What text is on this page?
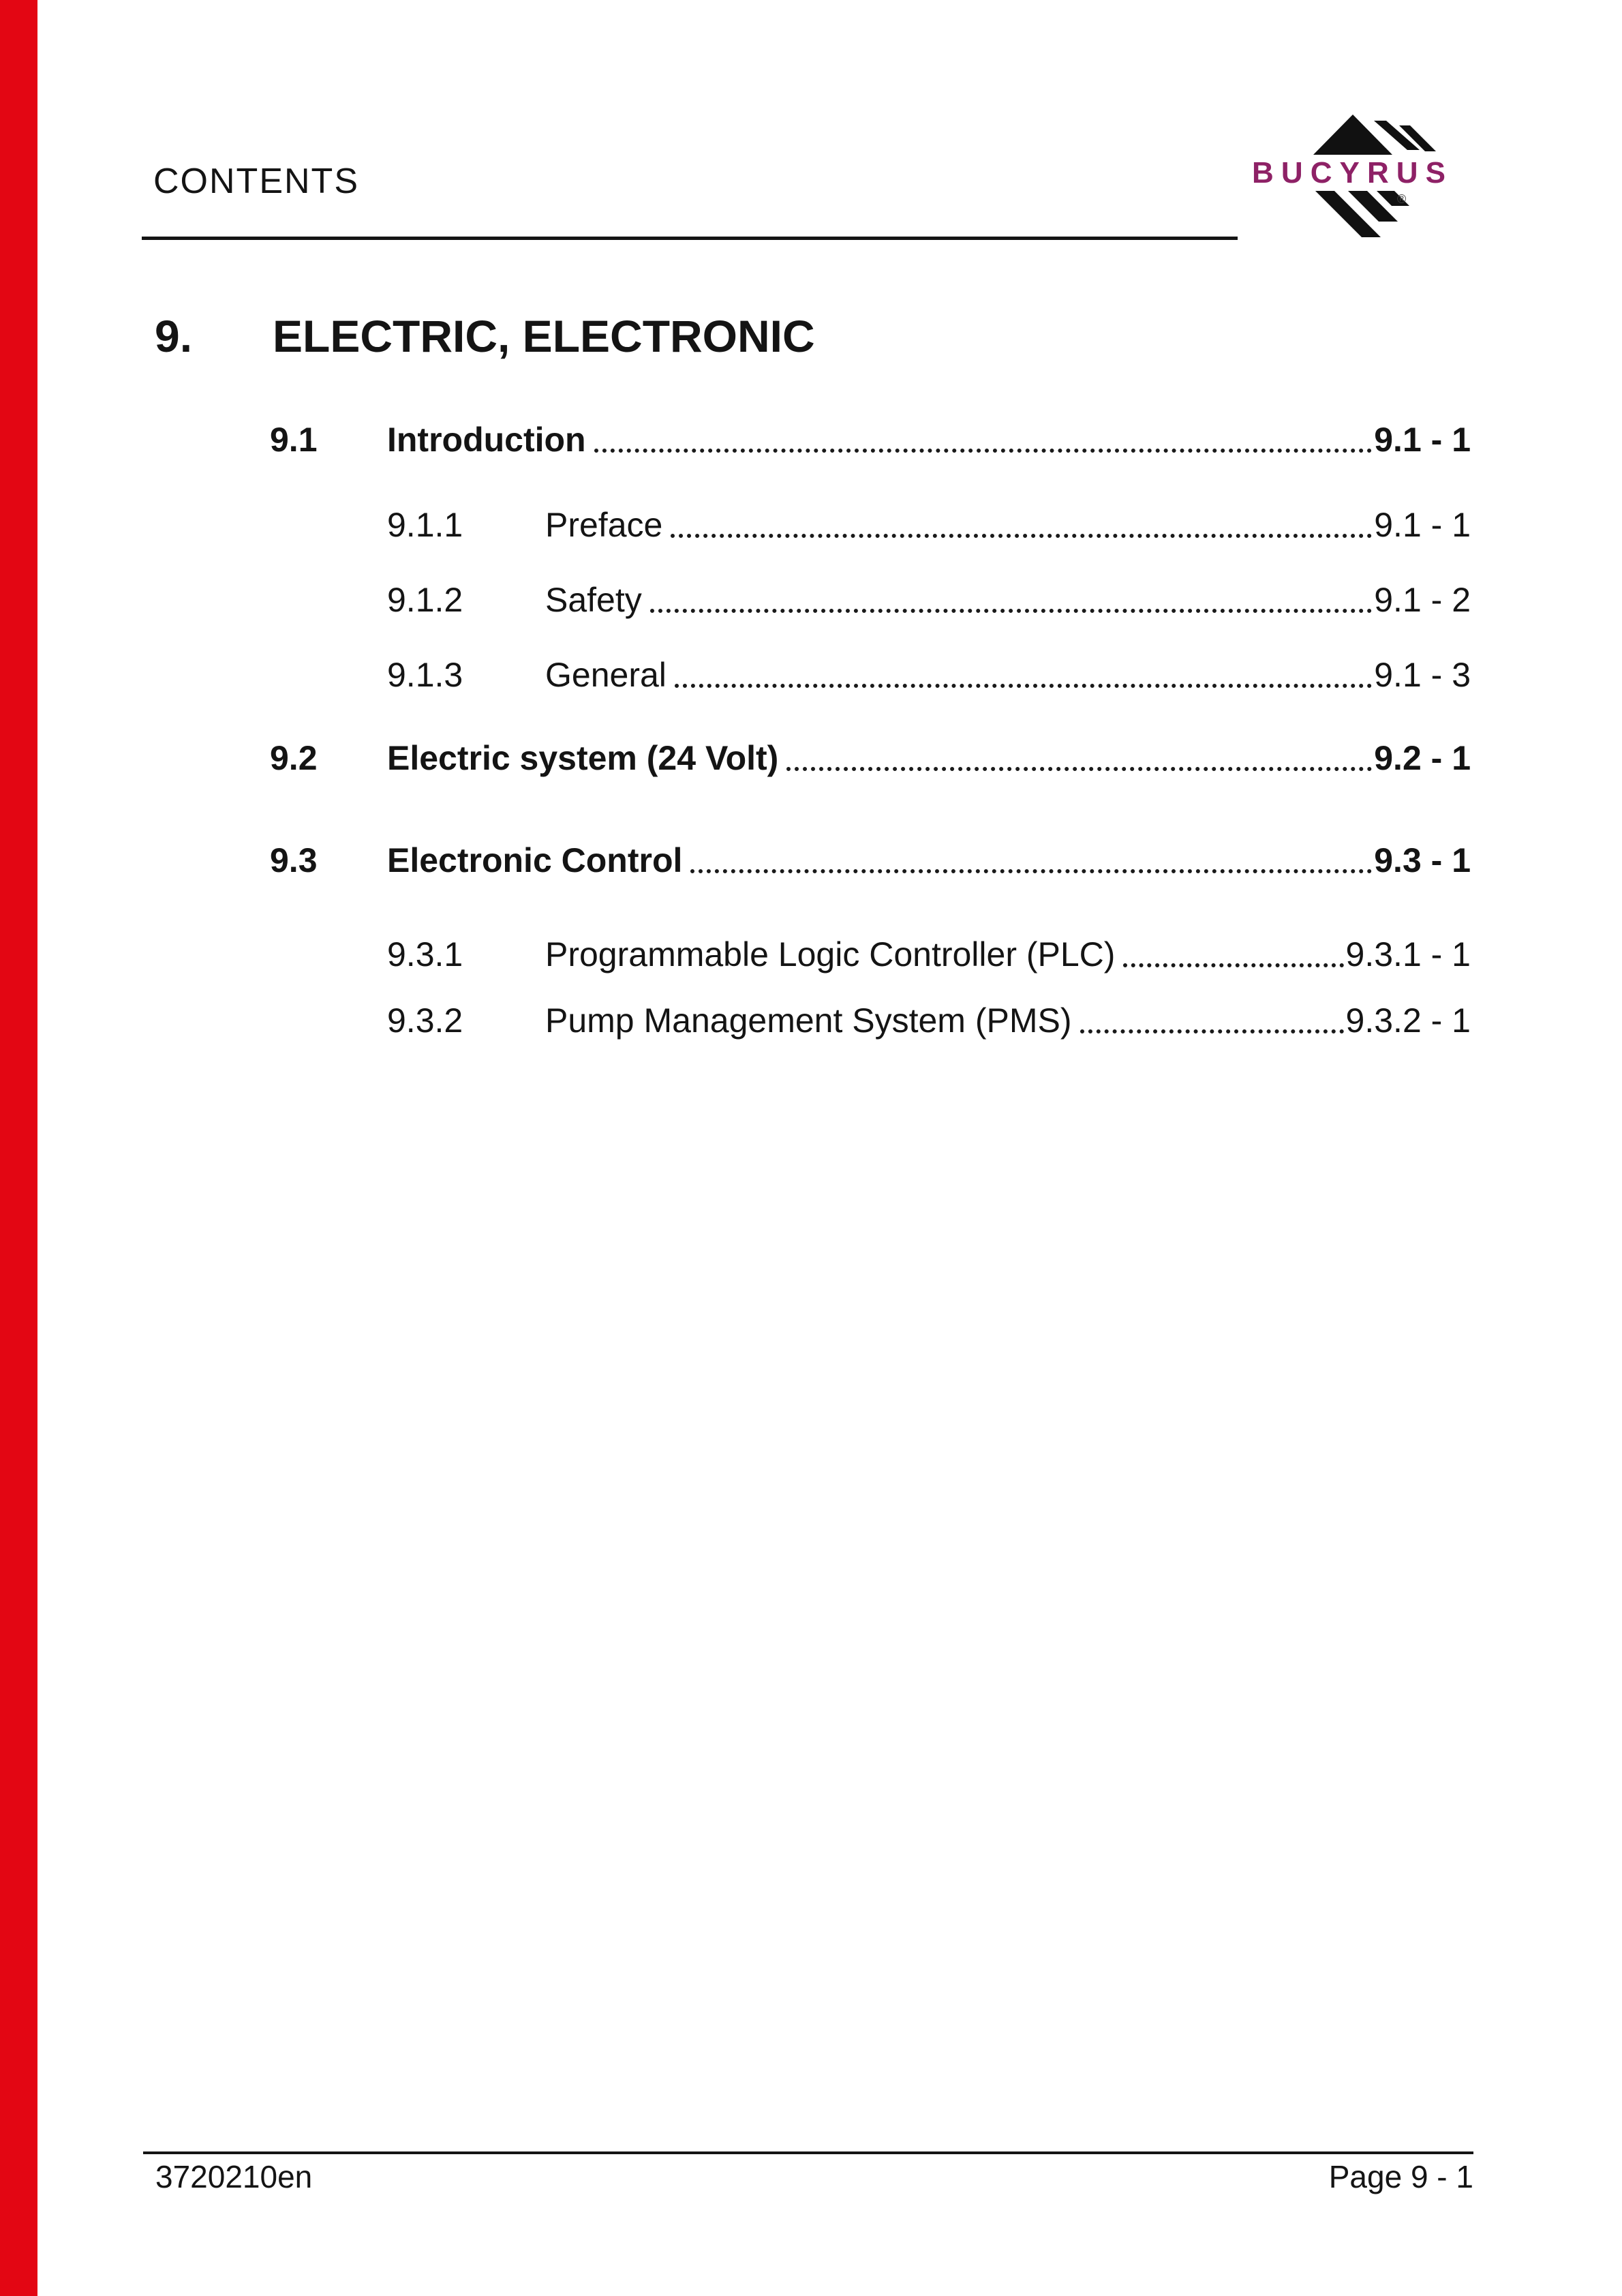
CONTENTS	BUCYRUS
®
9.	ELECTRIC, ELECTRONIC
9.1	Introduction	9.1 - 1
9.1.1	Preface	9.1 - 1
9.1.2	Safety	9.1 - 2
9.1.3	General	9.1 - 3
9.2	Electric system (24 Volt)	9.2 - 1
9.3	Electronic Control	9.3 - 1
9.3.1	Programmable Logic Controller (PLC)	9.3.1 - 1
9.3.2	Pump Management System (PMS)	9.3.2 - 1
3720210en	Page 9 - 1
